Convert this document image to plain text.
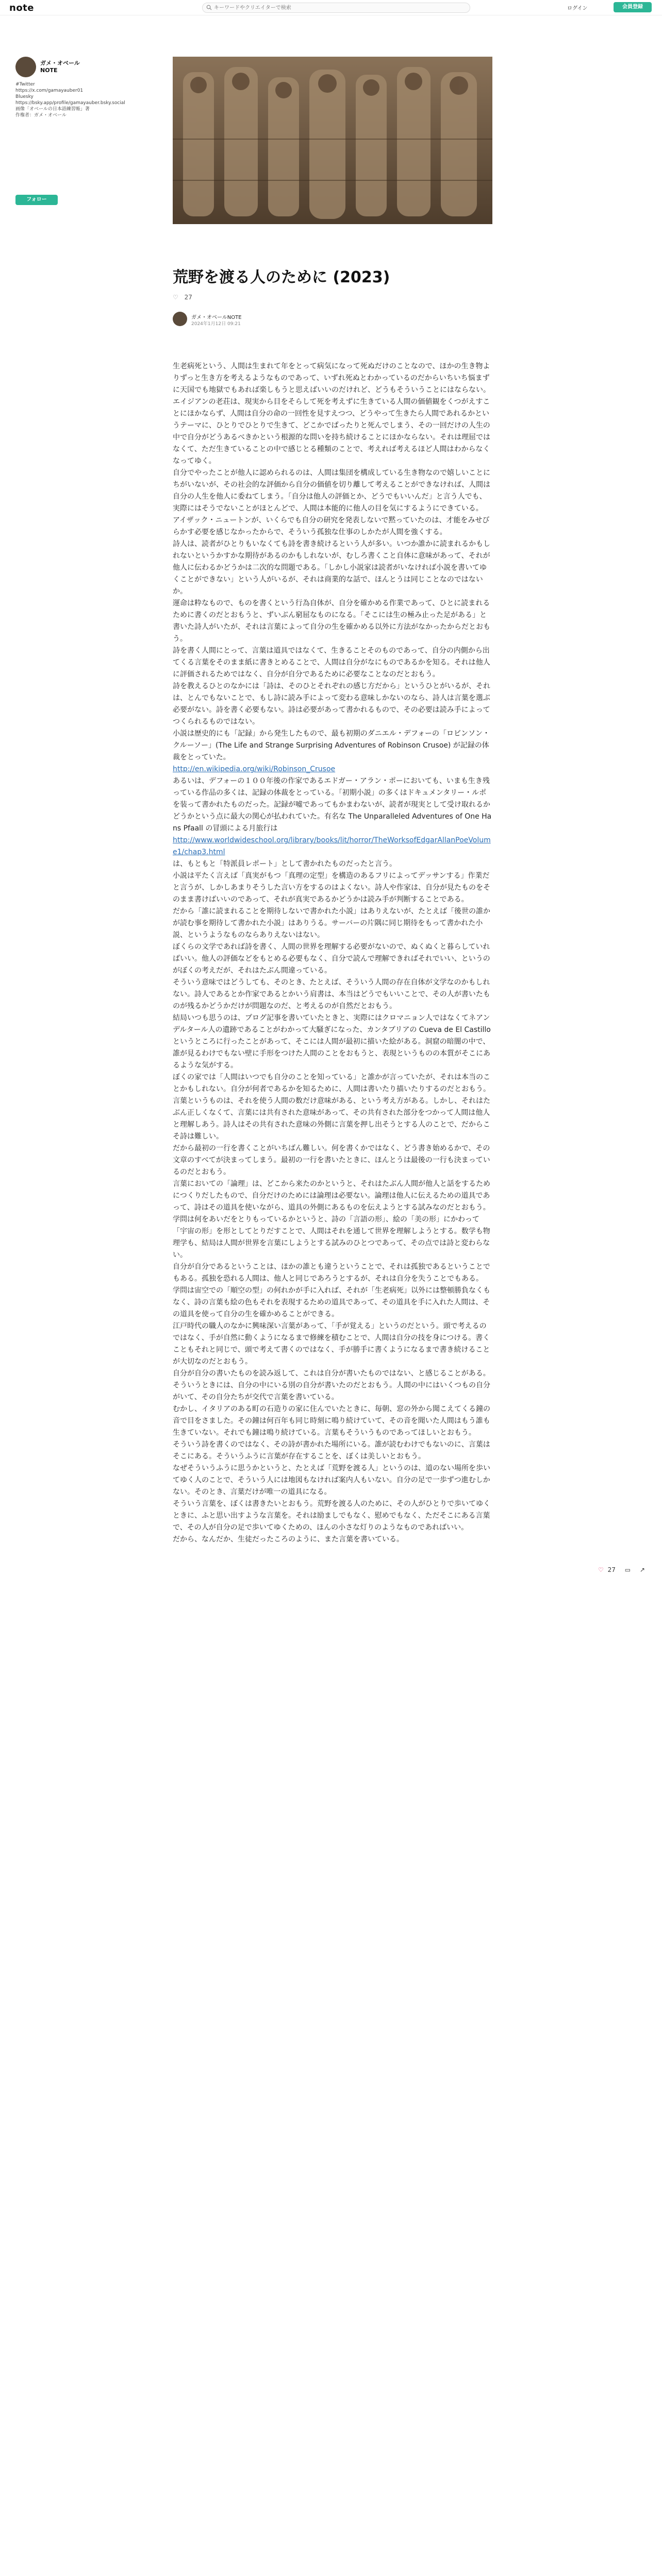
note
キーワードやクリエイターで検索	ログイン	会員登録
ガメ・オベールNOTE
#Twitter https://x.com/gamayauber01 Bluesky https://bsky.app/profile/gamayauber.bsky.social 画像「オベールの日本語練習帳」著作権者：ガメ・オベール
フォロー
荒野を渡る人のために (2023)
♡ 27
ガメ・オベールNOTE
2024年1月12日 09:21

生老病死という、人間は生まれて年をとって病気になって死ぬだけのことなので、ほかの生き物よりずっと生き方を考えるようなものであって、いずれ死ぬとわかっているのだからいちいち悩まずに天国でも地獄でもあれば楽しもうと思えばいいのだけれど、どうもそういうことにはならない。

エイジアンの老荘は、現実から目をそらして死を考えずに生きている人間の価値観をくつがえすことにほかならず、人間は自分の命の一回性を見すえつつ、どうやって生きたら人間であれるかというテーマに、ひとりでひとりで生きて、どこかでぱったりと死んでしまう、その一回だけの人生の中で自分がどうあるべきかという根源的な問いを持ち続けることにほかならない。それは理屈ではなくて、ただ生きていることの中で感じとる種類のことで、考えれば考えるほど人間はわからなくなってゆく。

自分でやったことが他人に認められるのは、人間は集団を構成している生き物なので嬉しいことにちがいないが、その社会的な評価から自分の価値を切り離して考えることができなければ、人間は自分の人生を他人に委ねてしまう。「自分は他人の評価とか、どうでもいいんだ」と言う人でも、実際にはそうでないことがほとんどで、人間は本能的に他人の目を気にするようにできている。

アイザック・ニュートンが、いくらでも自分の研究を発表しないで黙っていたのは、才能をみせびらかす必要を感じなかったからで、そういう孤独な仕事のしかたが人間を強くする。

詩人は、読者がひとりもいなくても詩を書き続けるという人が多い。いつか誰かに読まれるかもしれないというかすかな期待があるのかもしれないが、むしろ書くこと自体に意味があって、それが他人に伝わるかどうかは二次的な問題である。「しかし小説家は読者がいなければ小説を書いてゆくことができない」という人がいるが、それは商業的な話で、ほんとうは同じことなのではないか。

運命は粋なもので、ものを書くという行為自体が、自分を確かめる作業であって、ひとに読まれるために書くのだとおもうと、ずいぶん窮屈なものになる。「そこには生の極み止った足がある」と書いた詩人がいたが、それは言葉によって自分の生を確かめる以外に方法がなかったからだとおもう。

詩を書く人間にとって、言葉は道具ではなくて、生きることそのものであって、自分の内側から出てくる言葉をそのまま紙に書きとめることで、人間は自分がなにものであるかを知る。それは他人に評価されるためではなく、自分が自分であるために必要なことなのだとおもう。

詩を教えるひとのなかには「詩は、そのひとそれぞれの感じ方だから」というひとがいるが、それは、とんでもないことで、もし詩に読み手によって変わる意味しかないのなら、詩人は言葉を選ぶ必要がない。詩を書く必要もない。詩は必要があって書かれるもので、その必要は読み手によってつくられるものではない。

小説は歴史的にも「記録」から発生したもので、最も初期のダニエル・デフォーの「ロビンソン・クルーソー」(The Life and Strange Surprising Adventures of Robinson Crusoe) が記録の体裁をとっていた。

http://en.wikipedia.org/wiki/Robinson_Crusoe

あるいは、デフォーの１００年後の作家であるエドガー・アラン・ポーにおいても、いまも生き残っている作品の多くは、記録の体裁をとっている。「初期小説」の多くはドキュメンタリー・ルポを装って書かれたものだった。記録が嘘であってもかまわないが、読者が現実として受け取れるかどうかという点に最大の関心が払われていた。有名な The Unparalleled Adventures of One Hans Pfaall の冒頭による月旅行は

http://www.worldwideschool.org/library/books/lit/horror/TheWorksofEdgarAllanPoeVolume1/chap3.html

は、もともと「特派員レポート」として書かれたものだったと言う。

小説は平たく言えば「真実がもつ「真理の定型」を構造のあるフリによってデッサンする」作業だと言うが、しかしあまりそうした言い方をするのはよくない。詩人や作家は、自分が見たものをそのまま書けばいいのであって、それが真実であるかどうかは読み手が判断することである。

だから「誰に読まれることを期待しないで書かれた小説」はありえないが、たとえば「後世の誰かが読む事を期待して書かれた小説」はありうる。サーバーの片隅に同じ期待をもって書かれた小説、というようなものならありえないはない。

ぼくらの文学であれば詩を書く、人間の世界を理解する必要がないので、ぬくぬくと暮らしていればいい。他人の評価などをもとめる必要もなく、自分で読んで理解できればそれでいい、というのがぼくの考えだが、それはたぶん間違っている。

そういう意味ではどうしても、そのとき、たとえば、そういう人間の存在自体が文学なのかもしれない。詩人であるとか作家であるとかいう肩書は、本当はどうでもいいことで、その人が書いたものが残るかどうかだけが問題なのだ、と考えるのが自然だとおもう。

結局いつも思うのは、プログ記事を書いていたときと、実際にはクロマニョン人ではなくてネアンデルタール人の遺跡であることがわかって大騒ぎになった、カンタブリアの Cueva de El Castillo というところに行ったことがあって、そこには人間が最初に描いた絵がある。洞窟の暗闇の中で、誰が見るわけでもない壁に手形をつけた人間のことをおもうと、表現というものの本質がそこにあるような気がする。

ぼくの家では「人間はいつでも自分のことを知っている」と誰かが言っていたが、それは本当のことかもしれない。自分が何者であるかを知るために、人間は書いたり描いたりするのだとおもう。

言葉というものは、それを使う人間の数だけ意味がある、という考え方がある。しかし、それはたぶん正しくなくて、言葉には共有された意味があって、その共有された部分をつかって人間は他人と理解しあう。詩人はその共有された意味の外側に言葉を押し出そうとする人のことで、だからこそ詩は難しい。

だから最初の一行を書くことがいちばん難しい。何を書くかではなく、どう書き始めるかで、その文章のすべてが決まってしまう。最初の一行を書いたときに、ほんとうは最後の一行も決まっているのだとおもう。

言葉においての「論理」は、どこから来たのかというと、それはたぶん人間が他人と話をするためにつくりだしたもので、自分だけのためには論理は必要ない。論理は他人に伝えるための道具であって、詩はその道具を使いながら、道具の外側にあるものを伝えようとする試みなのだとおもう。

学問は何をあいだをとりもっているかというと、詩の「言語の形」、絵の「美の形」にかわって「宇宙の形」を形としてとりだすことで、人間はそれを通して世界を理解しようとする。数学も物理学も、結局は人間が世界を言葉にしようとする試みのひとつであって、その点では詩と変わらない。

自分が自分であるということは、ほかの誰とも違うということで、それは孤独であるということでもある。孤独を恐れる人間は、他人と同じであろうとするが、それは自分を失うことでもある。

学問は宙空での「順空の型」の何れかが手に入れば、それが「生老病死」以外には整頓勝負なくもなく、詩の言葉も絵の色もそれを表現するための道具であって、その道具を手に入れた人間は、その道具を使って自分の生を確かめることができる。

江戸時代の職人のなかに興味深い言葉があって、「手が覚える」というのだという。頭で考えるのではなく、手が自然に動くようになるまで修練を積むことで、人間は自分の技を身につける。書くこともそれと同じで、頭で考えて書くのではなく、手が勝手に書くようになるまで書き続けることが大切なのだとおもう。

自分が自分の書いたものを読み返して、これは自分が書いたものではない、と感じることがある。そういうときには、自分の中にいる別の自分が書いたのだとおもう。人間の中にはいくつもの自分がいて、その自分たちが交代で言葉を書いている。

むかし、イタリアのある町の石造りの家に住んでいたときに、毎朝、窓の外から聞こえてくる鐘の音で目をさました。その鐘は何百年も同じ時刻に鳴り続けていて、その音を聞いた人間はもう誰も生きていない。それでも鐘は鳴り続けている。言葉もそういうものであってほしいとおもう。

そういう詩を書くのではなく、その詩が書かれた場所にいる。誰が読むわけでもないのに、言葉はそこにある。そういうふうに言葉が存在することを、ぼくは美しいとおもう。

なぜそういうふうに思うかというと、たとえば「荒野を渡る人」というのは、道のない場所を歩いてゆく人のことで、そういう人には地図もなければ案内人もいない。自分の足で一歩ずつ進むしかない。そのとき、言葉だけが唯一の道具になる。

そういう言葉を、ぼくは書きたいとおもう。荒野を渡る人のために、その人がひとりで歩いてゆくときに、ふと思い出すような言葉を。それは励ましでもなく、慰めでもなく、ただそこにある言葉で、その人が自分の足で歩いてゆくための、ほんの小さな灯りのようなものであればいい。

だから、なんだか、生徒だったころのように、また言葉を書いている。

♡ 27 ▭ ↗
